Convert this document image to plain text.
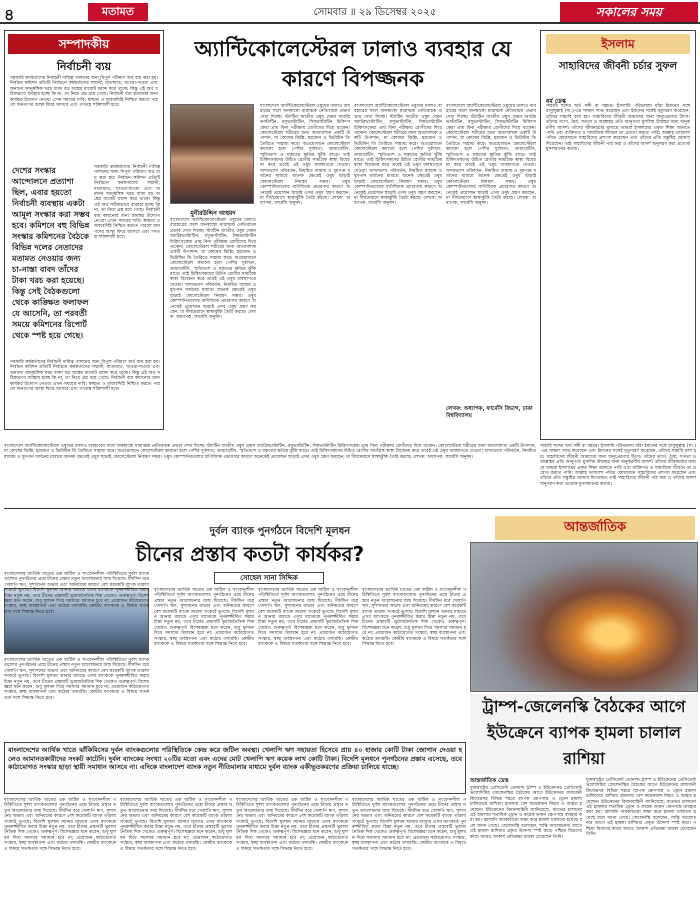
৪	মতামত	সোমবার ॥ ২৯ ডিসেম্বর ২০২৫	সকালের সময়
সম্পাদকীয়
নির্বাচনী ব্যয়
সরকারি কর্মকর্তাদের নির্বাচনী দায়িত্ব পালনের জন্য বিপুল পরিমাণ অর্থ ব্যয় করা হয়। নির্বাচন কমিশন প্রতিটি নির্বাচনে কর্মকর্তাদের সম্মানী, যাতায়াত, খাওয়া-দাওয়া এবং অন্যান্য আনুষঙ্গিক খরচ বাবদ বড় অঙ্কের বাজেট বরাদ্দ করে থাকে। কিন্তু এই অর্থ সঠিকভাবে ব্যবহার হচ্ছে কি না, তা নিয়ে প্রশ্ন রয়ে গেছে। নির্বাচনী ব্যয় কমানোর জন্য কার্যকর উদ্যোগ নেওয়া এখন সময়ের দাবি। স্বচ্ছতা ও জবাবদিহি নিশ্চিত করতে পারলে জনগণের আস্থা ফিরে আসবে এবং গণতন্ত্র শক্তিশালী হবে।
দেশের সংস্কার আন্দোলনে প্রত্যাশা ছিল, এবার হয়তো নির্বাচনী ব্যবস্থায় একটা আমূল সংস্কার করা সম্ভব হবে। কমিশনে বহু বিভিন্ন সংস্কার কমিশনের বৈঠকে বিভিন্ন দলের নেতাদের মতামত নেওয়ার জন্য চা-নাস্তা বাবদ তাঁদের টাকা খরচ করা হয়েছে। কিন্তু সেই বৈঠকগুলো থেকে কাঙ্ক্ষিত ফলাফল যে আসেনি, তা পরবর্তী সময়ে কমিশনের রিপোর্ট থেকে স্পষ্ট হয়ে গেছে।
সরকারি কর্মকর্তাদের নির্বাচনী দায়িত্ব পালনের জন্য বিপুল পরিমাণ অর্থ ব্যয় করা হয়। নির্বাচন কমিশন প্রতিটি নির্বাচনে কর্মকর্তাদের সম্মানী, যাতায়াত, খাওয়া-দাওয়া এবং অন্যান্য আনুষঙ্গিক খরচ বাবদ বড় অঙ্কের বাজেট বরাদ্দ করে থাকে। কিন্তু এই অর্থ সঠিকভাবে ব্যবহার হচ্ছে কি না, তা নিয়ে প্রশ্ন রয়ে গেছে। নির্বাচনী ব্যয় কমানোর জন্য কার্যকর উদ্যোগ নেওয়া এখন সময়ের দাবি। স্বচ্ছতা ও জবাবদিহি নিশ্চিত করতে পারলে জনগণের আস্থা ফিরে আসবে এবং গণতন্ত্র শক্তিশালী হবে।
সরকারি কর্মকর্তাদের নির্বাচনী দায়িত্ব পালনের জন্য বিপুল পরিমাণ অর্থ ব্যয় করা হয়। নির্বাচন কমিশন প্রতিটি নির্বাচনে কর্মকর্তাদের সম্মানী, যাতায়াত, খাওয়া-দাওয়া এবং অন্যান্য আনুষঙ্গিক খরচ বাবদ বড় অঙ্কের বাজেট বরাদ্দ করে থাকে। কিন্তু এই অর্থ সঠিকভাবে ব্যবহার হচ্ছে কি না, তা নিয়ে প্রশ্ন রয়ে গেছে। নির্বাচনী ব্যয় কমানোর জন্য কার্যকর উদ্যোগ নেওয়া এখন সময়ের দাবি। স্বচ্ছতা ও জবাবদিহি নিশ্চিত করতে পারলে জনগণের আস্থা ফিরে আসবে এবং গণতন্ত্র শক্তিশালী হবে।
অ্যান্টিকোলেস্টেরল ঢালাও ব্যবহার যে কারণে বিপজ্জনক
মুনীরউদ্দিন আহমদ
বাংলাদেশে অ্যান্টিকোলেস্টেরল ওষুধের ঢালাও ব্যবহারের ফলে জনস্বাস্থ্যে মারাত্মক নেতিবাচক প্রভাব দেখা দিচ্ছে। স্ট্যাটিন জাতীয় ওষুধ যেমন অ্যাটরভাস্টাটিন, রসুভাস্টাটিন, সিমভাস্টাটিন চিকিৎসকেরা প্রায় বিনা পরীক্ষায় রোগীদের দিয়ে থাকেন। কোলেস্টেরল শরীরের জন্য অত্যাবশ্যক একটি উপাদান, যা কোষের ঝিল্লি, হরমোন ও ভিটামিন ডি তৈরিতে সাহায্য করে। অপ্রয়োজনে কোলেস্টেরল কমানো হলে পেশির দুর্বলতা, ডায়াবেটিস, স্মৃতিভ্রংশ ও যকৃতের ক্ষতির ঝুঁকি বাড়ে। তাই চিকিৎসকদের উচিত রোগীর সামগ্রিক স্বাস্থ্য বিবেচনা করে তবেই এই ওষুধ ব্যবস্থাপত্রে দেওয়া। খাদ্যাভ্যাস পরিবর্তন, নিয়মিত ব্যায়াম ও ধূমপান বর্জনের মাধ্যমে অনেক ক্ষেত্রেই ওষুধ ছাড়াই কোলেস্টেরল নিয়ন্ত্রণ সম্ভব। ওষুধ কোম্পানিগুলোর বাণিজ্যিক প্রচারণার কারণে অনেকেই প্রয়োজন ছাড়াই এসব ওষুধ গ্রহণ করছেন, যা দীর্ঘমেয়াদে স্বাস্থ্যঝুঁকি তৈরি করছে। লেখক: অধ্যাপক, ফার্মেসি অনুষদ।
বাংলাদেশে অ্যান্টিকোলেস্টেরল ওষুধের ঢালাও ব্যবহারের ফলে জনস্বাস্থ্যে মারাত্মক নেতিবাচক প্রভাব দেখা দিচ্ছে। স্ট্যাটিন জাতীয় ওষুধ যেমন অ্যাটরভাস্টাটিন, রসুভাস্টাটিন, সিমভাস্টাটিন চিকিৎসকেরা প্রায় বিনা পরীক্ষায় রোগীদের দিয়ে থাকেন। কোলেস্টেরল শরীরের জন্য অত্যাবশ্যক একটি উপাদান, যা কোষের ঝিল্লি, হরমোন ও ভিটামিন ডি তৈরিতে সাহায্য করে। অপ্রয়োজনে কোলেস্টেরল কমানো হলে পেশির দুর্বলতা, ডায়াবেটিস, স্মৃতিভ্রংশ ও যকৃতের ক্ষতির ঝুঁকি বাড়ে। তাই চিকিৎসকদের উচিত রোগীর সামগ্রিক স্বাস্থ্য বিবেচনা করে তবেই এই ওষুধ ব্যবস্থাপত্রে দেওয়া। খাদ্যাভ্যাস পরিবর্তন, নিয়মিত ব্যায়াম ও ধূমপান বর্জনের মাধ্যমে অনেক ক্ষেত্রেই ওষুধ ছাড়াই কোলেস্টেরল নিয়ন্ত্রণ সম্ভব। ওষুধ কোম্পানিগুলোর বাণিজ্যিক প্রচারণার কারণে অনেকেই প্রয়োজন ছাড়াই এসব ওষুধ গ্রহণ করছেন, যা দীর্ঘমেয়াদে স্বাস্থ্যঝুঁকি তৈরি করছে। লেখক: অধ্যাপক, ফার্মেসি অনুষদ।
বাংলাদেশে অ্যান্টিকোলেস্টেরল ওষুধের ঢালাও ব্যবহারের ফলে জনস্বাস্থ্যে মারাত্মক নেতিবাচক প্রভাব দেখা দিচ্ছে। স্ট্যাটিন জাতীয় ওষুধ যেমন অ্যাটরভাস্টাটিন, রসুভাস্টাটিন, সিমভাস্টাটিন চিকিৎসকেরা প্রায় বিনা পরীক্ষায় রোগীদের দিয়ে থাকেন। কোলেস্টেরল শরীরের জন্য অত্যাবশ্যক একটি উপাদান, যা কোষের ঝিল্লি, হরমোন ও ভিটামিন ডি তৈরিতে সাহায্য করে। অপ্রয়োজনে কোলেস্টেরল কমানো হলে পেশির দুর্বলতা, ডায়াবেটিস, স্মৃতিভ্রংশ ও যকৃতের ক্ষতির ঝুঁকি বাড়ে। তাই চিকিৎসকদের উচিত রোগীর সামগ্রিক স্বাস্থ্য বিবেচনা করে তবেই এই ওষুধ ব্যবস্থাপত্রে দেওয়া। খাদ্যাভ্যাস পরিবর্তন, নিয়মিত ব্যায়াম ও ধূমপান বর্জনের মাধ্যমে অনেক ক্ষেত্রেই ওষুধ ছাড়াই কোলেস্টেরল নিয়ন্ত্রণ সম্ভব। ওষুধ কোম্পানিগুলোর বাণিজ্যিক প্রচারণার কারণে অনেকেই প্রয়োজন ছাড়াই এসব ওষুধ গ্রহণ করছেন, যা দীর্ঘমেয়াদে স্বাস্থ্যঝুঁকি তৈরি করছে। লেখক: অধ্যাপক, ফার্মেসি অনুষদ।
বাংলাদেশে অ্যান্টিকোলেস্টেরল ওষুধের ঢালাও ব্যবহারের ফলে জনস্বাস্থ্যে মারাত্মক নেতিবাচক প্রভাব দেখা দিচ্ছে। স্ট্যাটিন জাতীয় ওষুধ যেমন অ্যাটরভাস্টাটিন, রসুভাস্টাটিন, সিমভাস্টাটিন চিকিৎসকেরা প্রায় বিনা পরীক্ষায় রোগীদের দিয়ে থাকেন। কোলেস্টেরল শরীরের জন্য অত্যাবশ্যক একটি উপাদান, যা কোষের ঝিল্লি, হরমোন ও ভিটামিন ডি তৈরিতে সাহায্য করে। অপ্রয়োজনে কোলেস্টেরল কমানো হলে পেশির দুর্বলতা, ডায়াবেটিস, স্মৃতিভ্রংশ ও যকৃতের ক্ষতির ঝুঁকি বাড়ে। তাই চিকিৎসকদের উচিত রোগীর সামগ্রিক স্বাস্থ্য বিবেচনা করে তবেই এই ওষুধ ব্যবস্থাপত্রে দেওয়া। খাদ্যাভ্যাস পরিবর্তন, নিয়মিত ব্যায়াম ও ধূমপান বর্জনের মাধ্যমে অনেক ক্ষেত্রেই ওষুধ ছাড়াই কোলেস্টেরল নিয়ন্ত্রণ সম্ভব। ওষুধ কোম্পানিগুলোর বাণিজ্যিক প্রচারণার কারণে অনেকেই প্রয়োজন ছাড়াই এসব ওষুধ গ্রহণ করছেন, যা দীর্ঘমেয়াদে স্বাস্থ্যঝুঁকি তৈরি করছে। লেখক: অধ্যাপক, ফার্মেসি অনুষদ।
লেখক: অধ্যাপক, ফার্মেসি বিভাগ, ঢাকা বিশ্ববিদ্যালয়
ইসলাম
সাহাবিদের জীবনী চর্চার সুফল
ধর্ম ডেস্ক
সাহাবি শব্দের অর্থ সঙ্গী বা সহচর। ইসলামি পরিভাষায় যাঁরা ইমানের সঙ্গে রাসুলুল্লাহ (সা.)-এর সাক্ষাৎ লাভ করেছেন এবং ইমানের সঙ্গেই মৃত্যুবরণ করেছেন, তাঁদের সাহাবি বলা হয়। সাহাবিদের জীবনী আমাদের জন্য অনুপ্রেরণার উৎস। তাঁদের ত্যাগ, ধৈর্য, সততা ও আল্লাহর প্রতি আনুগত্য মুসলিম উম্মাহর জন্য অনুকরণীয় আদর্শ। তাঁদের জীবনচর্চার মাধ্যমে আমরা ইসলামের প্রকৃত শিক্ষা জানতে পারি এবং ব্যক্তিগত ও সামাজিক জীবনে তা প্রয়োগ করতে পারি। আল্লাহ তাআলা পবিত্র কোরআনে সাহাবিদের প্রশংসা করেছেন এবং তাঁদের প্রতি সন্তুষ্টির ঘোষণা দিয়েছেন। তাই সাহাবিদের জীবনী পাঠ করা ও তাঁদের আদর্শ অনুসরণ করা প্রত্যেক মুসলমানের কর্তব্য।
বাংলাদেশে অ্যান্টিকোলেস্টেরল ওষুধের ঢালাও ব্যবহারের ফলে জনস্বাস্থ্যে মারাত্মক নেতিবাচক প্রভাব দেখা দিচ্ছে। স্ট্যাটিন জাতীয় ওষুধ যেমন অ্যাটরভাস্টাটিন, রসুভাস্টাটিন, সিমভাস্টাটিন চিকিৎসকেরা প্রায় বিনা পরীক্ষায় রোগীদের দিয়ে থাকেন। কোলেস্টেরল শরীরের জন্য অত্যাবশ্যক একটি উপাদান, যা কোষের ঝিল্লি, হরমোন ও ভিটামিন ডি তৈরিতে সাহায্য করে। অপ্রয়োজনে কোলেস্টেরল কমানো হলে পেশির দুর্বলতা, ডায়াবেটিস, স্মৃতিভ্রংশ ও যকৃতের ক্ষতির ঝুঁকি বাড়ে। তাই চিকিৎসকদের উচিত রোগীর সামগ্রিক স্বাস্থ্য বিবেচনা করে তবেই এই ওষুধ ব্যবস্থাপত্রে দেওয়া। খাদ্যাভ্যাস পরিবর্তন, নিয়মিত ব্যায়াম ও ধূমপান বর্জনের মাধ্যমে অনেক ক্ষেত্রেই ওষুধ ছাড়াই কোলেস্টেরল নিয়ন্ত্রণ সম্ভব। ওষুধ কোম্পানিগুলোর বাণিজ্যিক প্রচারণার কারণে অনেকেই প্রয়োজন ছাড়াই এসব ওষুধ গ্রহণ করছেন, যা দীর্ঘমেয়াদে স্বাস্থ্যঝুঁকি তৈরি করছে। লেখক: অধ্যাপক, ফার্মেসি অনুষদ।
সাহাবি শব্দের অর্থ সঙ্গী বা সহচর। ইসলামি পরিভাষায় যাঁরা ইমানের সঙ্গে রাসুলুল্লাহ (সা.)-এর সাক্ষাৎ লাভ করেছেন এবং ইমানের সঙ্গেই মৃত্যুবরণ করেছেন, তাঁদের সাহাবি বলা হয়। সাহাবিদের জীবনী আমাদের জন্য অনুপ্রেরণার উৎস। তাঁদের ত্যাগ, ধৈর্য, সততা ও আল্লাহর প্রতি আনুগত্য মুসলিম উম্মাহর জন্য অনুকরণীয় আদর্শ। তাঁদের জীবনচর্চার মাধ্যমে আমরা ইসলামের প্রকৃত শিক্ষা জানতে পারি এবং ব্যক্তিগত ও সামাজিক জীবনে তা প্রয়োগ করতে পারি। আল্লাহ তাআলা পবিত্র কোরআনে সাহাবিদের প্রশংসা করেছেন এবং তাঁদের প্রতি সন্তুষ্টির ঘোষণা দিয়েছেন। তাই সাহাবিদের জীবনী পাঠ করা ও তাঁদের আদর্শ অনুসরণ করা প্রত্যেক মুসলমানের কর্তব্য।
দুর্বল ব্যাংক পুনর্গঠনে বিদেশি মূলধন
চীনের প্রস্তাব কতটা কার্যকর?
সোহেল সানা সিদ্দিক
বাংলাদেশের আর্থিক খাতের এক জটিল ও সংবেদনশীল পরিস্থিতিতে দুর্বল ব্যাংকগুলোর পুনর্গঠনের প্রশ্নে চীনের প্রস্তাব নতুন আলোচনার জন্ম দিয়েছে। দীর্ঘদিন ধরে খেলাপি ঋণ, সুশাসনের অভাব এবং অনিয়মের কারণে বেশ কয়েকটি ব্যাংক তারল্য সংকটে ভুগছে। বিদেশি মূলধন আনার মাধ্যমে এসব ব্যাংককে পুনরুজ্জীবিত করার চিন্তা নতুন নয়, তবে চীনের প্রস্তাবটি ভূরাজনৈতিক দিক থেকেও গুরুত্বপূর্ণ। বিশেষজ্ঞরা মনে করেন, শুধু মূলধন দিয়ে সমস্যার সমাধান হবে না; প্রয়োজন কাঠামোগত সংস্কার, স্বচ্ছ ব্যবস্থাপনা এবং কঠোর তদারকি। কেন্দ্রীয় ব্যাংককে এ বিষয়ে সতর্কতার সঙ্গে সিদ্ধান্ত নিতে হবে।
বাংলাদেশের আর্থিক খাতের এক জটিল ও সংবেদনশীল পরিস্থিতিতে দুর্বল ব্যাংকগুলোর পুনর্গঠনের প্রশ্নে চীনের প্রস্তাব নতুন আলোচনার জন্ম দিয়েছে। দীর্ঘদিন ধরে খেলাপি ঋণ, সুশাসনের অভাব এবং অনিয়মের কারণে বেশ কয়েকটি ব্যাংক তারল্য সংকটে ভুগছে। বিদেশি মূলধন আনার মাধ্যমে এসব ব্যাংককে পুনরুজ্জীবিত করার চিন্তা নতুন নয়, তবে চীনের প্রস্তাবটি ভূরাজনৈতিক দিক থেকেও গুরুত্বপূর্ণ। বিশেষজ্ঞরা মনে করেন, শুধু মূলধন দিয়ে সমস্যার সমাধান হবে না; প্রয়োজন কাঠামোগত সংস্কার, স্বচ্ছ ব্যবস্থাপনা এবং কঠোর তদারকি। কেন্দ্রীয় ব্যাংককে এ বিষয়ে সতর্কতার সঙ্গে সিদ্ধান্ত নিতে হবে।
বাংলাদেশের আর্থিক খাতের এক জটিল ও সংবেদনশীল পরিস্থিতিতে দুর্বল ব্যাংকগুলোর পুনর্গঠনের প্রশ্নে চীনের প্রস্তাব নতুন আলোচনার জন্ম দিয়েছে। দীর্ঘদিন ধরে খেলাপি ঋণ, সুশাসনের অভাব এবং অনিয়মের কারণে বেশ কয়েকটি ব্যাংক তারল্য সংকটে ভুগছে। বিদেশি মূলধন আনার মাধ্যমে এসব ব্যাংককে পুনরুজ্জীবিত করার চিন্তা নতুন নয়, তবে চীনের প্রস্তাবটি ভূরাজনৈতিক দিক থেকেও গুরুত্বপূর্ণ। বিশেষজ্ঞরা মনে করেন, শুধু মূলধন দিয়ে সমস্যার সমাধান হবে না; প্রয়োজন কাঠামোগত সংস্কার, স্বচ্ছ ব্যবস্থাপনা এবং কঠোর তদারকি। কেন্দ্রীয় ব্যাংককে এ বিষয়ে সতর্কতার সঙ্গে সিদ্ধান্ত নিতে হবে।
বাংলাদেশের আর্থিক খাতের এক জটিল ও সংবেদনশীল পরিস্থিতিতে দুর্বল ব্যাংকগুলোর পুনর্গঠনের প্রশ্নে চীনের প্রস্তাব নতুন আলোচনার জন্ম দিয়েছে। দীর্ঘদিন ধরে খেলাপি ঋণ, সুশাসনের অভাব এবং অনিয়মের কারণে বেশ কয়েকটি ব্যাংক তারল্য সংকটে ভুগছে। বিদেশি মূলধন আনার মাধ্যমে এসব ব্যাংককে পুনরুজ্জীবিত করার চিন্তা নতুন নয়, তবে চীনের প্রস্তাবটি ভূরাজনৈতিক দিক থেকেও গুরুত্বপূর্ণ। বিশেষজ্ঞরা মনে করেন, শুধু মূলধন দিয়ে সমস্যার সমাধান হবে না; প্রয়োজন কাঠামোগত সংস্কার, স্বচ্ছ ব্যবস্থাপনা এবং কঠোর তদারকি। কেন্দ্রীয় ব্যাংককে এ বিষয়ে সতর্কতার সঙ্গে সিদ্ধান্ত নিতে হবে।
বাংলাদেশের আর্থিক খাতের এক জটিল ও সংবেদনশীল পরিস্থিতিতে দুর্বল ব্যাংকগুলোর পুনর্গঠনের প্রশ্নে চীনের প্রস্তাব নতুন আলোচনার জন্ম দিয়েছে। দীর্ঘদিন ধরে খেলাপি ঋণ, সুশাসনের অভাব এবং অনিয়মের কারণে বেশ কয়েকটি ব্যাংক তারল্য সংকটে ভুগছে। বিদেশি মূলধন আনার মাধ্যমে এসব ব্যাংককে পুনরুজ্জীবিত করার চিন্তা নতুন নয়, তবে চীনের প্রস্তাবটি ভূরাজনৈতিক দিক থেকেও গুরুত্বপূর্ণ। বিশেষজ্ঞরা মনে করেন, শুধু মূলধন দিয়ে সমস্যার সমাধান হবে না; প্রয়োজন কাঠামোগত সংস্কার, স্বচ্ছ ব্যবস্থাপনা এবং কঠোর তদারকি। কেন্দ্রীয় ব্যাংককে এ বিষয়ে সতর্কতার সঙ্গে সিদ্ধান্ত নিতে হবে।
বাংলাদেশের আর্থিক খাতে ঝাঁকিমিসের দুর্বল ব্যাংকগুলোর পরিস্থিতিকে কেন্দ্র করে জটিল অবস্থা। খেলাপি ঋণ সহায়তা হিসেবে প্রায় ৪০ হাজার কোটি টাকা জোগান দেওয়া হলেও আমানতকারীদের সংকট কাটেনি। দুর্বল ব্যাংকের সংখ্যা ২০টির মতো এবং এদের মোট খেলাপি ঋণ কয়েক লাখ কোটি টাকা। বিদেশি মূলধনে পুনর্গঠনের প্রস্তাব এসেছে, তবে কাঠামোগত সংস্কার ছাড়া স্থায়ী সমাধান আসবে না। এদিকে বাংলাদেশ ব্যাংক নতুন নীতিমালার মাধ্যমে দুর্বল ব্যাংক একীভূতকরণের প্রক্রিয়া চালিয়ে যাচ্ছে।
বাংলাদেশের আর্থিক খাতের এক জটিল ও সংবেদনশীল পরিস্থিতিতে দুর্বল ব্যাংকগুলোর পুনর্গঠনের প্রশ্নে চীনের প্রস্তাব নতুন আলোচনার জন্ম দিয়েছে। দীর্ঘদিন ধরে খেলাপি ঋণ, সুশাসনের অভাব এবং অনিয়মের কারণে বেশ কয়েকটি ব্যাংক তারল্য সংকটে ভুগছে। বিদেশি মূলধন আনার মাধ্যমে এসব ব্যাংককে পুনরুজ্জীবিত করার চিন্তা নতুন নয়, তবে চীনের প্রস্তাবটি ভূরাজনৈতিক দিক থেকেও গুরুত্বপূর্ণ। বিশেষজ্ঞরা মনে করেন, শুধু মূলধন দিয়ে সমস্যার সমাধান হবে না; প্রয়োজন কাঠামোগত সংস্কার, স্বচ্ছ ব্যবস্থাপনা এবং কঠোর তদারকি। কেন্দ্রীয় ব্যাংককে এ বিষয়ে সতর্কতার সঙ্গে সিদ্ধান্ত নিতে হবে।
বাংলাদেশের আর্থিক খাতের এক জটিল ও সংবেদনশীল পরিস্থিতিতে দুর্বল ব্যাংকগুলোর পুনর্গঠনের প্রশ্নে চীনের প্রস্তাব নতুন আলোচনার জন্ম দিয়েছে। দীর্ঘদিন ধরে খেলাপি ঋণ, সুশাসনের অভাব এবং অনিয়মের কারণে বেশ কয়েকটি ব্যাংক তারল্য সংকটে ভুগছে। বিদেশি মূলধন আনার মাধ্যমে এসব ব্যাংককে পুনরুজ্জীবিত করার চিন্তা নতুন নয়, তবে চীনের প্রস্তাবটি ভূরাজনৈতিক দিক থেকেও গুরুত্বপূর্ণ। বিশেষজ্ঞরা মনে করেন, শুধু মূলধন দিয়ে সমস্যার সমাধান হবে না; প্রয়োজন কাঠামোগত সংস্কার, স্বচ্ছ ব্যবস্থাপনা এবং কঠোর তদারকি। কেন্দ্রীয় ব্যাংককে এ বিষয়ে সতর্কতার সঙ্গে সিদ্ধান্ত নিতে হবে।
বাংলাদেশের আর্থিক খাতের এক জটিল ও সংবেদনশীল পরিস্থিতিতে দুর্বল ব্যাংকগুলোর পুনর্গঠনের প্রশ্নে চীনের প্রস্তাব নতুন আলোচনার জন্ম দিয়েছে। দীর্ঘদিন ধরে খেলাপি ঋণ, সুশাসনের অভাব এবং অনিয়মের কারণে বেশ কয়েকটি ব্যাংক তারল্য সংকটে ভুগছে। বিদেশি মূলধন আনার মাধ্যমে এসব ব্যাংককে পুনরুজ্জীবিত করার চিন্তা নতুন নয়, তবে চীনের প্রস্তাবটি ভূরাজনৈতিক দিক থেকেও গুরুত্বপূর্ণ। বিশেষজ্ঞরা মনে করেন, শুধু মূলধন দিয়ে সমস্যার সমাধান হবে না; প্রয়োজন কাঠামোগত সংস্কার, স্বচ্ছ ব্যবস্থাপনা এবং কঠোর তদারকি। কেন্দ্রীয় ব্যাংককে এ বিষয়ে সতর্কতার সঙ্গে সিদ্ধান্ত নিতে হবে।
বাংলাদেশের আর্থিক খাতের এক জটিল ও সংবেদনশীল পরিস্থিতিতে দুর্বল ব্যাংকগুলোর পুনর্গঠনের প্রশ্নে চীনের প্রস্তাব নতুন আলোচনার জন্ম দিয়েছে। দীর্ঘদিন ধরে খেলাপি ঋণ, সুশাসনের অভাব এবং অনিয়মের কারণে বেশ কয়েকটি ব্যাংক তারল্য সংকটে ভুগছে। বিদেশি মূলধন আনার মাধ্যমে এসব ব্যাংককে পুনরুজ্জীবিত করার চিন্তা নতুন নয়, তবে চীনের প্রস্তাবটি ভূরাজনৈতিক দিক থেকেও গুরুত্বপূর্ণ। বিশেষজ্ঞরা মনে করেন, শুধু মূলধন দিয়ে সমস্যার সমাধান হবে না; প্রয়োজন কাঠামোগত সংস্কার, স্বচ্ছ ব্যবস্থাপনা এবং কঠোর তদারকি। কেন্দ্রীয় ব্যাংককে এ বিষয়ে সতর্কতার সঙ্গে সিদ্ধান্ত নিতে হবে।
আন্তর্জাতিক
ট্রাম্প-জেলেনস্কি বৈঠকের আগে ইউক্রেনে ব্যাপক হামলা চালাল রাশিয়া
আন্তর্জাতিক ডেস্ক
যুক্তরাষ্ট্রের প্রেসিডেন্ট ডোনাল্ড ট্রাম্প ও ইউক্রেনের প্রেসিডেন্ট ভলোদিমির জেলেনস্কির বৈঠকের আগে ইউক্রেনের রাজধানী কিয়েভসহ বিভিন্ন শহরে ব্যাপক ক্ষেপণাস্ত্র ও ড্রোন হামলা চালিয়েছে রাশিয়া। হামলায় বেশ কয়েকজন নিহত ও আহত হয়েছেন। ইউক্রেনের বিমানবাহিনী জানিয়েছে, রাতভর চালানো এই হামলায় শতাধিক ড্রোন ও কয়েক ডজন ক্ষেপণাস্ত্র ব্যবহার করা হয়। জ্বালানি অবকাঠামো লক্ষ্য করে হামলা চালানো হয়েছে বলে জানা গেছে। জেলেনস্কি বলেছেন, শান্তি আলোচনার আগে এই হামলা রাশিয়ার প্রকৃত উদ্দেশ্য স্পষ্ট করে। পশ্চিমা মিত্রদের কাছে আরও আকাশ প্রতিরক্ষা ব্যবস্থা চেয়েছেন তিনি।
যুক্তরাষ্ট্রের প্রেসিডেন্ট ডোনাল্ড ট্রাম্প ও ইউক্রেনের প্রেসিডেন্ট ভলোদিমির জেলেনস্কির বৈঠকের আগে ইউক্রেনের রাজধানী কিয়েভসহ বিভিন্ন শহরে ব্যাপক ক্ষেপণাস্ত্র ও ড্রোন হামলা চালিয়েছে রাশিয়া। হামলায় বেশ কয়েকজন নিহত ও আহত হয়েছেন। ইউক্রেনের বিমানবাহিনী জানিয়েছে, রাতভর চালানো এই হামলায় শতাধিক ড্রোন ও কয়েক ডজন ক্ষেপণাস্ত্র ব্যবহার করা হয়। জ্বালানি অবকাঠামো লক্ষ্য করে হামলা চালানো হয়েছে বলে জানা গেছে। জেলেনস্কি বলেছেন, শান্তি আলোচনার আগে এই হামলা রাশিয়ার প্রকৃত উদ্দেশ্য স্পষ্ট করে। পশ্চিমা মিত্রদের কাছে আরও আকাশ প্রতিরক্ষা ব্যবস্থা চেয়েছেন তিনি।
